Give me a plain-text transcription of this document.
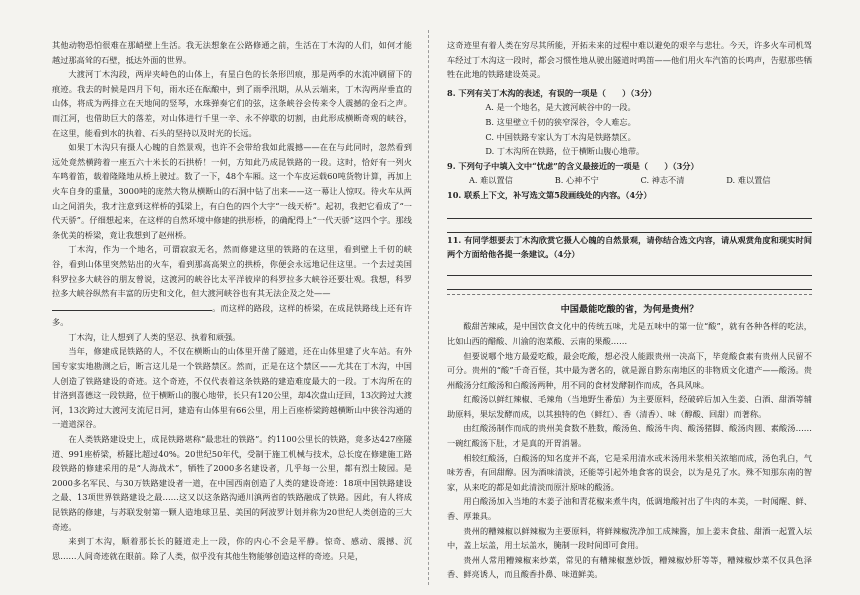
其他动物恐怕很难在那峭壁上生活。我无法想象在公路修通之前，生活在丁木沟的人们，如何才能越过那高耸的石壁，抵达外面的世界。

大渡河丁木沟段，两岸夹峙色的山体上，有星白色的长条形凹痕，那是两季的水流冲刷留下的痕迹。我去的时候是四月下旬，雨水还在酝酿中，到了雨季汛期，从从云端来，丁木沟两岸垂直的山体，将成为两排立在天地间的竖琴，水珠弹奏它们的弦，这条峡谷会传来令人震撼的金石之声。而江河，也借助巨大的落差，对山体进行千里一辛、永不停歇的切割，由此形成横断奇观的峡谷，在这里，能看到水的执着、石头的坚持以及时光的长远。

如果丁木沟只有摄人心魄的自然景观，也许不会带给我如此震撼——在在与此同时，忽然看到远处竟然横跨着一座五六十米长的石拱桥！一何，方知此乃成昆铁路的一段。这时，恰好有一列火车鸣着笛，载着隆隆地从桥上驶过。数了一下，48个车厢。这一个车皮运载60吨货物计算，再加上火车自身的重量，3000吨的庞然大物从横断山的石洞中钻了出来——这一幕让人惊叹。待火车从两山之间消失，我才注意到这样桥的弧梁上，有白色的四个大字“一线天桥”。起初，我把它看成了“一代天骄”。仔细想起来，在这样的自然环境中修建的拱形桥，的确配得上“一代天骄”这四个字。那线条优美的桥梁，竟让我想到了赵州桥。

丁木沟，作为一个地名，可谓寂寂无名，然而修建这里的铁路的在这里，看到壁上千仞的峡谷，看到山体里突然钻出的火车，看到那高高架立的拱桥，你便会永远地记住这里。一个去过美国科罗拉多大峡谷的朋友曾说，这渡河的峡谷比太平洋彼岸的科罗拉多大峡谷还要壮观。我想，科罗拉多大峡谷纵然有丰富的历史和文化，但大渡河峡谷也有其无法企及之处——
。而这样的路段，这样的桥梁，在成昆铁路线上还有许多。

丁木沟，让人想到了人类的坚忍、执着和顽强。

当年，修建成昆铁路的人，不仅在横断山的山体里开凿了隧道，还在山体里建了火车站。有外国专家实地勘测之后，断言这儿是一个铁路禁区。然而，正是在这个禁区——尤其在丁木沟，中国人创造了铁路建设的奇迹。这个奇迹，不仅代表着这条铁路的建造难度最大的一段。丁木沟所在的甘洛到喜德这一段铁路，位于横断山的腹心地带，长只有120公里，却4次盘山迂回，13次跨过大渡河，13次跨过大渡河支流尼日河，建造有山体里有66公里，用上百座桥梁跨越横断山中狭谷沟通的一道道深谷。

在人类铁路建设史上，成昆铁路堪称“最悲壮的铁路”。约1100公里长的铁路，竟多达427座隧道、991座桥梁，桥隧比超过40%。20世纪50年代，受制于施工机械与技术，总长度在修建施工路段铁路的修建采用的是“人海战术”，牺牲了2000多名建设者，几乎每一公里，都有烈士陵园。是2000多名军民、与30万铁路建设者一道，在中国西南创造了人类的建设奇迹：18项中国铁路建设之最、13项世界铁路建设之最……这又以这条路沟通川滇两省的铁路融成了铁路。因此，有人将成昆铁路的修建，与苏联发射第一颗人造地球卫星、美国的阿波罗计划并称为20世纪人类创造的三大奇迹。

来到丁木沟，顺着那长长的隧道走上一段，你的内心不会是平静。惊奇、感动、震撼、沉思……人间奇迹就在眼前。除了人类，似乎没有其他生物能够创造这样的奇迹。只是，

这奇迹里有着人类在穷尽其所能，开拓未来的过程中难以避免的艰辛与悲壮。今天，许多火车司机驾车经过丁木沟这一段时，都会习惯性地从驶出隧道时鸣笛——他们用火车汽笛的长鸣声，告慰那些牺牲在此地的铁路建设英灵。

8. 下列有关丁木沟的表述，有误的一项是（　　）（3分）

A. 是一个地名，是大渡河峡谷中的一段。

B. 这里壁立千仞的狭窄深谷，令人难忘。

C. 中国铁路专家认为丁木沟是铁路禁区。

D. 丁木沟所在铁路，位于横断山腹心地带。

9. 下列句子中填入文中“忧虑”的含义最接近的一项是（　　）（3分）

A. 难以置信	B. 心神不宁	C. 神志不清	D. 难以置信

10. 联系上下文，补写选文第5段画线处的内容。（4分）

11. 有同学想要去丁木沟欣赏它摄人心魄的自然景观，请你结合选文内容，请从观赏角度和现实时间两个方面给他各提一条建议。（4分）

中国最能吃酸的省，为何是贵州？

酸甜苦辣咸，是中国饮食文化中的传统五味，尤是五味中的第一位“酸”，就有各种各样的吃法，比如山西的醋酸、川渝的泡菜酸、云南的果酸……

但要说哪个地方最爱吃酸，最会吃酸，想必没人能跟贵州一决高下，毕竟酸食素有贵州人民留不可分。贵州的“酸”千奇百怪，其中最为著名的，就是源自黔东南地区的非物质文化遗产——酸汤。贵州酸汤分红酸汤和白酸汤两种，用不同的食材发酵制作而成，各具风味。

红酸汤以鲜红辣椒、毛辣角（当地野生番茄）为主要原料，经破碎后加入生姜、白酒、甜酒等辅助原料，果坛发酵而成，以其独特的色（鲜红）、香（清香）、味（醇酸、回甜）而著称。

由红酸汤制作而成的贵州美食数不胜数，酸汤鱼、酸汤牛肉、酸汤猪脚、酸汤肉圆、素酸汤……一碗红酸汤下肚，才是真的开胃消暑。

相较红酸汤，白酸汤的知名度并不高，它是采用清水或米汤用米浆相关浓缩而成，汤色乳白，气味芳香，有回甜醇。因为酒味清淡，还能等引起外地食客的误会，以为是兑了水。殊不知那东南的智家，从来吃的都是如此清淡而原汁原味的酸汤。

用白酸汤加入当地的木姜子油和青花椒来煮牛肉，低调地酸衬出了牛肉的本美，一时闻醒、鲜、香、厚兼具。

贵州的糟辣椒以鲜辣椒为主要原料，将鲜辣椒洗净加工成辣酱，加上姜末食盐、甜酒一起置入坛中，盖上坛盖，用土坛盖水，腌制一段时间即可食用。

贵州人常用糟辣椒来炒菜，常见的有糟辣椒葱炒饭，糟辣椒炒肝等等，糟辣椒炒菜不仅具色泽香、鲜亮诱人，而且酸香扑鼻、味道鲜美。
